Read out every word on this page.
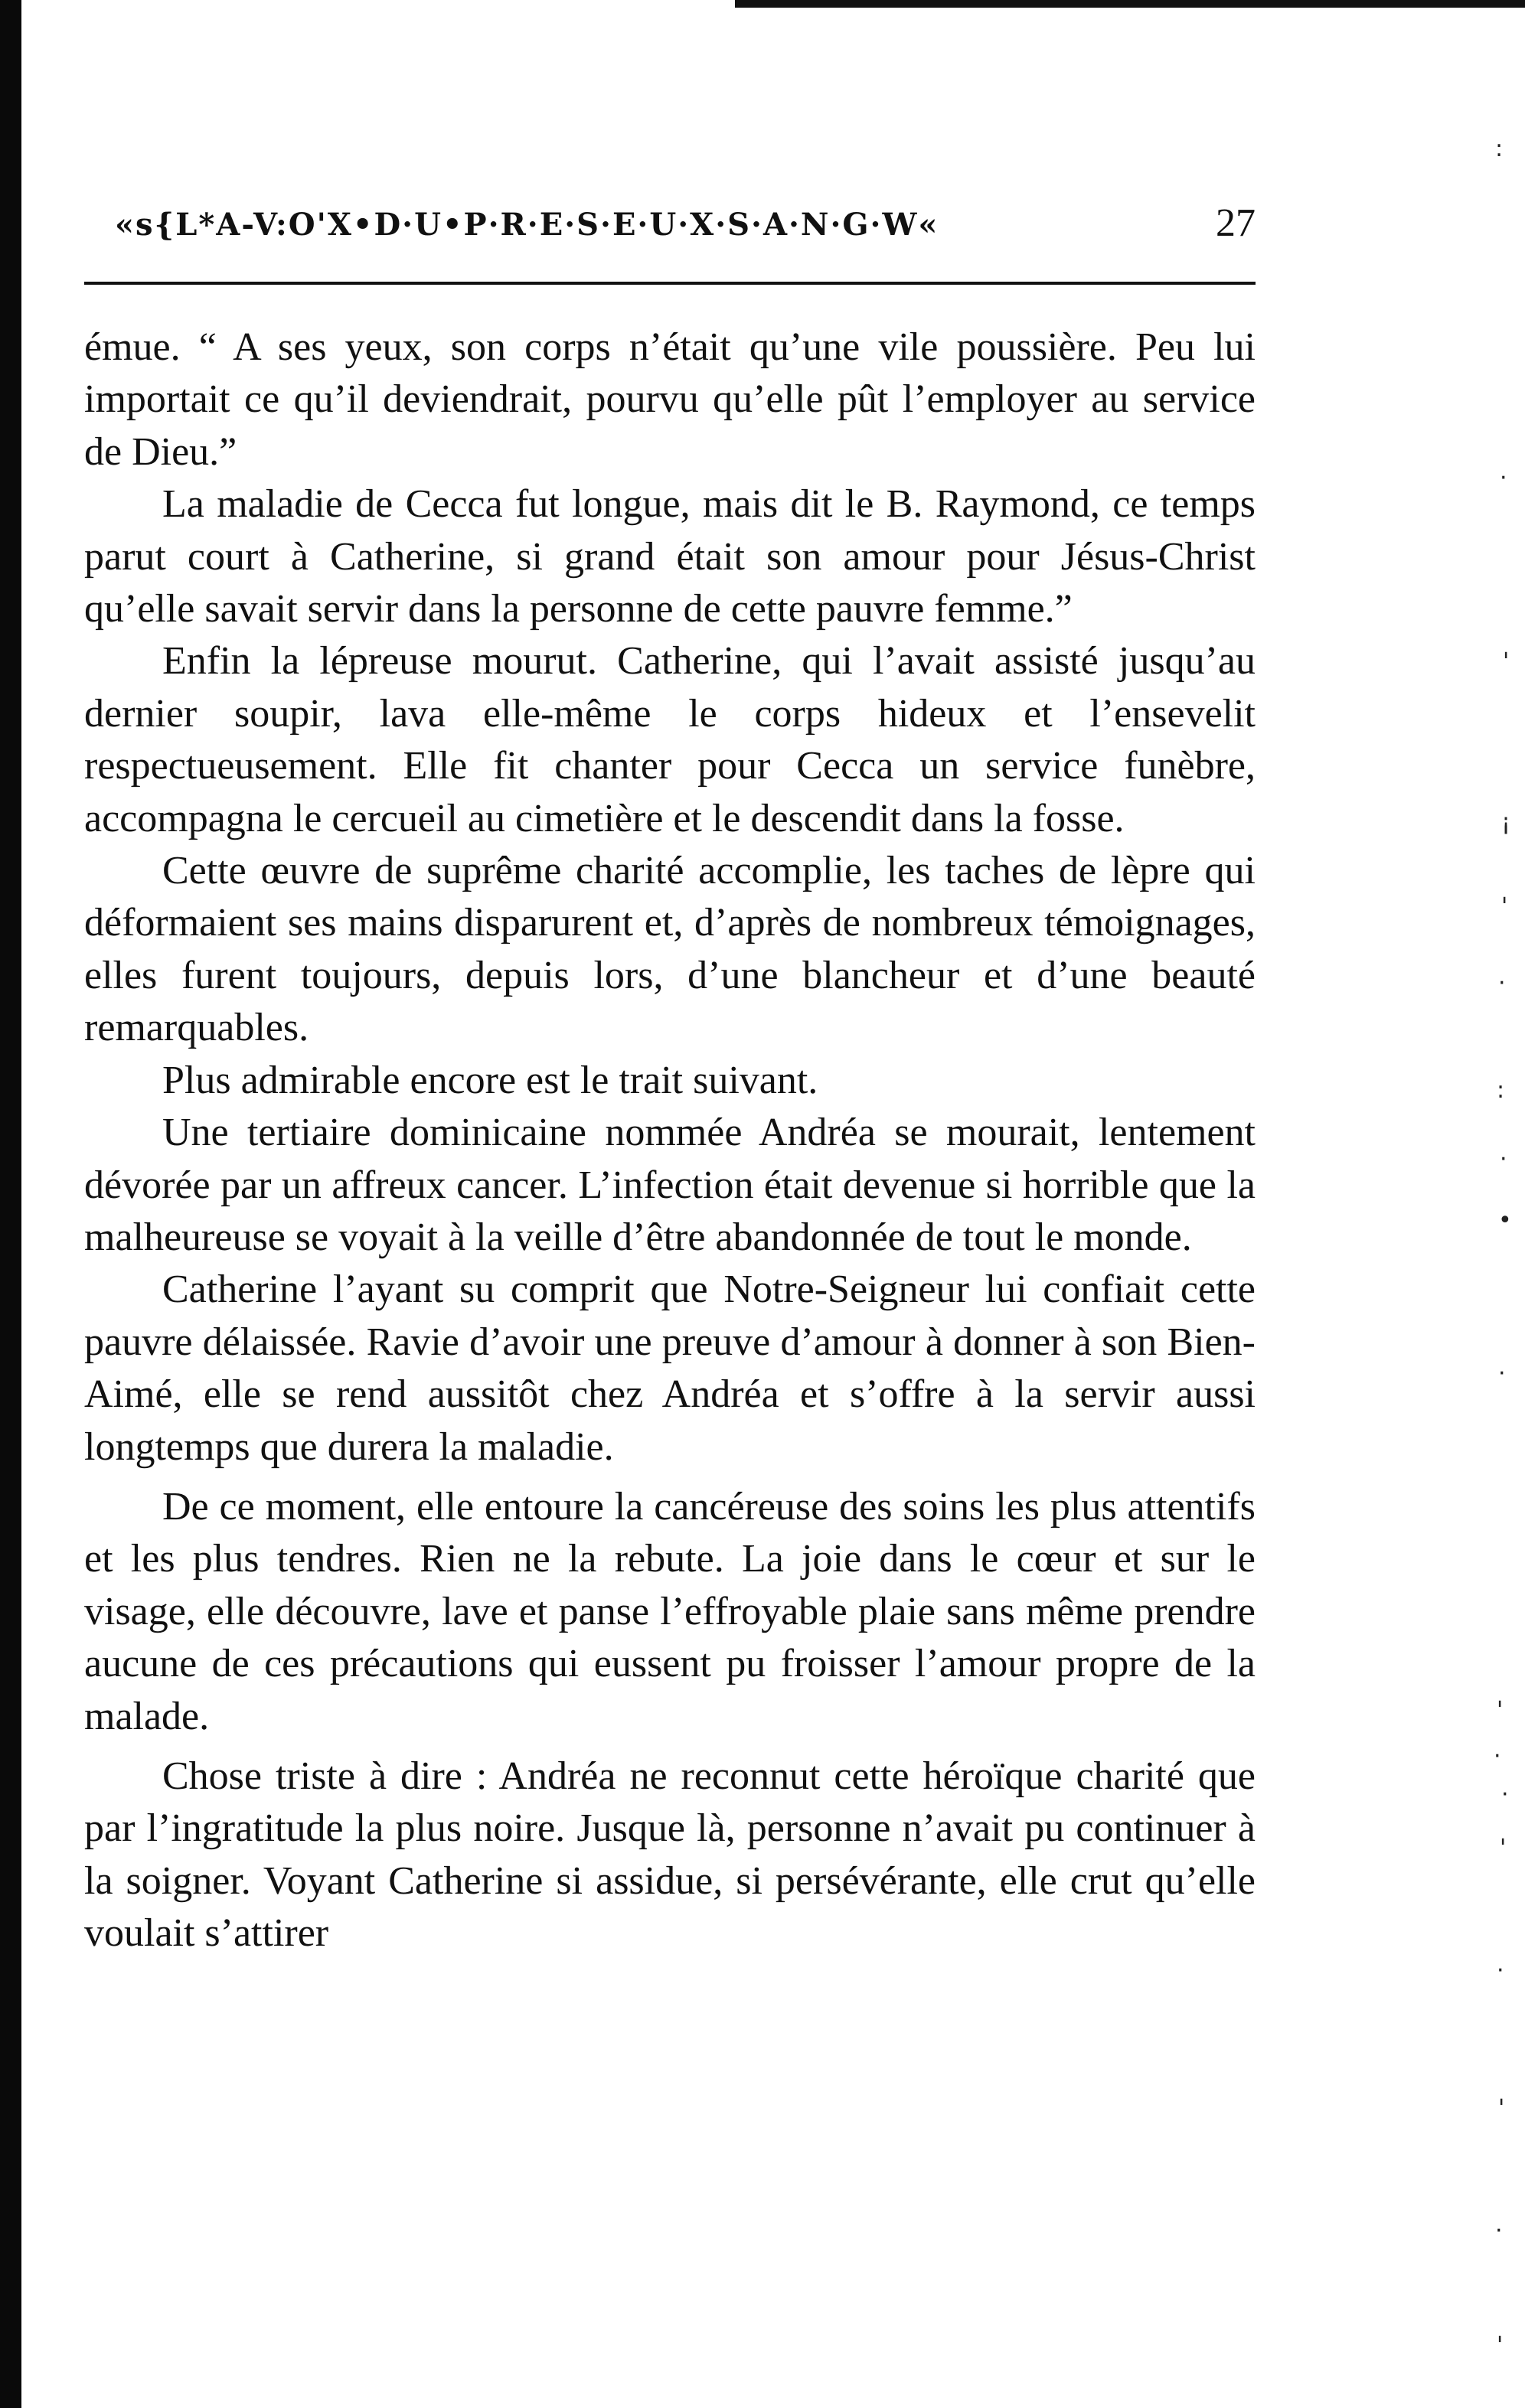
«s{L*A-V:O'X•D·U•P·R·E·S·E·U·X·S·A·N·G·W«	27

émue. “ A ses yeux, son corps n’était qu’une vile poussière. Peu lui importait ce qu’il deviendrait, pourvu qu’elle pût l’employer au service de Dieu.”

La maladie de Cecca fut longue, mais dit le B. Raymond, ce temps parut court à Catherine, si grand était son amour pour Jésus-Christ qu’elle savait servir dans la personne de cette pauvre femme.”

Enfin la lépreuse mourut. Catherine, qui l’avait assisté jusqu’au dernier soupir, lava elle-même le corps hideux et l’ensevelit respectueusement. Elle fit chanter pour Cecca un service funèbre, accompagna le cercueil au cimetière et le descendit dans la fosse.

Cette œuvre de suprême charité accomplie, les taches de lèpre qui déformaient ses mains disparurent et, d’après de nombreux témoignages, elles furent toujours, depuis lors, d’une blancheur et d’une beauté remarquables.

Plus admirable encore est le trait suivant.

Une tertiaire dominicaine nommée Andréa se mourait, lentement dévorée par un affreux cancer. L’infection était devenue si horrible que la malheureuse se voyait à la veille d’être abandonnée de tout le monde.

Catherine l’ayant su comprit que Notre-Seigneur lui confiait cette pauvre délaissée. Ravie d’avoir une preuve d’amour à donner à son Bien-Aimé, elle se rend aussitôt chez Andréa et s’offre à la servir aussi longtemps que durera la maladie.

De ce moment, elle entoure la cancéreuse des soins les plus attentifs et les plus tendres. Rien ne la rebute. La joie dans le cœur et sur le visage, elle découvre, lave et panse l’effroyable plaie sans même prendre aucune de ces précautions qui eussent pu froisser l’amour propre de la malade.

Chose triste à dire : Andréa ne reconnut cette héroïque charité que par l’ingratitude la plus noire. Jusque là, personne n’avait pu continuer à la soigner. Voyant Catherine si assidue, si persévérante, elle crut qu’elle voulait s’attirer

:
·
'
¡
'
·
:
·
•
·
'
·
·
'
·
'
·
'
